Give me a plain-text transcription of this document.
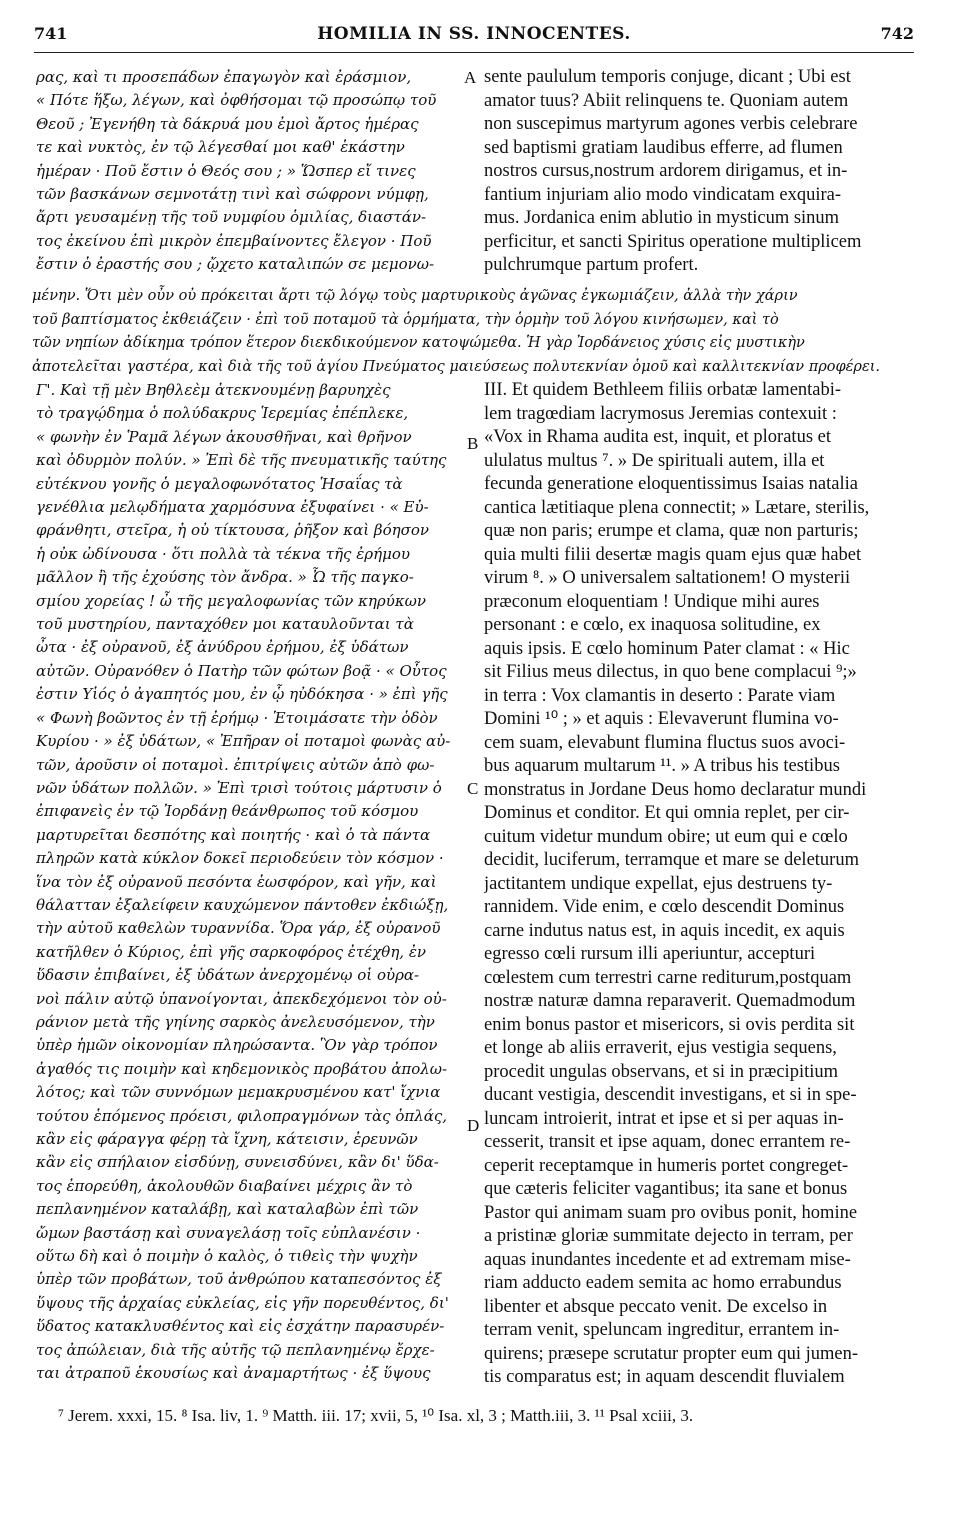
741	HOMILIA IN SS. INNOCENTES.	742
ρας, καὶ τι προσεπάδων ἐπαγωγὸν καὶ ἐράσμιον,
« Πότε ἥξω, λέγων, καὶ ὀφθήσομαι τῷ προσώπῳ τοῦ
Θεοῦ ; Ἐγενήθη τὰ δάκρυά μου ἐμοὶ ἄρτος ἡμέρας
τε καὶ νυκτὸς, ἐν τῷ λέγεσθαί μοι καθ' ἑκάστην
ἡμέραν · Ποῦ ἔστιν ὁ Θεός σου ; » Ὥσπερ εἴ τινες
τῶν βασκάνων σεμνοτάτῃ τινὶ καὶ σώφρονι νύμφῃ,
ἄρτι γευσαμένῃ τῆς τοῦ νυμφίου ὁμιλίας, διαστάν-
τος ἐκείνου ἐπὶ μικρὸν ἐπεμβαίνοντες ἔλεγον · Ποῦ
ἔστιν ὁ ἐραστής σου ; ᾤχετο καταλιπών σε μεμονω-
sente paululum temporis conjuge, dicant ; Ubi est
amator tuus? Abiit relinquens te. Quoniam autem
non suscepimus martyrum agones verbis celebrare
sed baptismi gratiam laudibus efferre, ad flumen
nostros cursus,nostrum ardorem dirigamus, et in-
fantium injuriam alio modo vindicatam exquira-
mus. Jordanica enim ablutio in mysticum sinum
perficitur, et sancti Spiritus operatione multiplicem
pulchrumque partum profert.
μένην. Ὅτι μὲν οὖν οὐ πρόκειται ἄρτι τῷ λόγῳ τοὺς μαρτυρικοὺς ἀγῶνας ἐγκωμιάζειν, ἀλλὰ τὴν χάριν
τοῦ βαπτίσματος ἐκθειάζειν · ἐπὶ τοῦ ποταμοῦ τὰ ὁρμήματα, τὴν ὁρμὴν τοῦ λόγου κινήσωμεν, καὶ τὸ
τῶν νηπίων ἀδίκημα τρόπον ἕτερον διεκδικούμενον κατοψώμεθα. Ἡ γὰρ Ἰορδάνειος χύσις εἰς μυστικὴν
ἀποτελεῖται γαστέρα, καὶ διὰ τῆς τοῦ ἁγίου Πνεύματος μαιεύσεως πολυτεκνίαν ὁμοῦ καὶ καλλιτεκνίαν προφέρει.
Γ'. Καὶ τῇ μὲν Βηθλεὲμ ἀτεκνουμένῃ βαρυηχὲς
τὸ τραγῴδημα ὁ πολύδακρυς Ἱερεμίας ἐπέπλεκε,
« φωνὴν ἐν Ῥαμᾶ λέγων ἀκουσθῆναι, καὶ θρῆνον
καὶ ὀδυρμὸν πολύν. » Ἐπὶ δὲ τῆς πνευματικῆς ταύτης
εὐτέκνου γονῆς ὁ μεγαλοφωνότατος Ἡσαΐας τὰ
γενέθλια μελῳδήματα χαρμόσυνα ἐξυφαίνει · « Εὐ-
φράνθητι, στεῖρα, ἡ οὐ τίκτουσα, ῥῆξον καὶ βόησον
ἡ οὐκ ὠδίνουσα · ὅτι πολλὰ τὰ τέκνα τῆς ἐρήμου
μᾶλλον ἢ τῆς ἐχούσης τὸν ἄνδρα. » Ὦ τῆς παγκο-
σμίου χορείας ! ὦ τῆς μεγαλοφωνίας τῶν κηρύκων
τοῦ μυστηρίου, πανταχόθεν μοι καταυλοῦνται τὰ
ὦτα · ἐξ οὐρανοῦ, ἐξ ἀνύδρου ἐρήμου, ἐξ ὑδάτων
αὐτῶν. Οὐρανόθεν ὁ Πατὴρ τῶν φώτων βοᾷ · « Οὗτος
ἐστιν Υἱός ὁ ἀγαπητός μου, ἐν ᾧ ηὐδόκησα · » ἐπὶ γῆς
« Φωνὴ βοῶντος ἐν τῇ ἐρήμῳ · Ἑτοιμάσατε τὴν ὁδὸν
Κυρίου · » ἐξ ὑδάτων, « Ἐπῆραν οἱ ποταμοὶ φωνὰς αὐ-
τῶν, ἀροῦσιν οἱ ποταμοὶ. ἐπιτρίψεις αὐτῶν ἀπὸ φω-
νῶν ὑδάτων πολλῶν. » Ἐπὶ τρισὶ τούτοις μάρτυσιν ὁ
ἐπιφανεὶς ἐν τῷ Ἰορδάνῃ θεάνθρωπος τοῦ κόσμου
μαρτυρεῖται δεσπότης καὶ ποιητής · καὶ ὁ τὰ πάντα
πληρῶν κατὰ κύκλον δοκεῖ περιοδεύειν τὸν κόσμον ·
ἵνα τὸν ἐξ οὐρανοῦ πεσόντα ἑωσφόρον, καὶ γῆν, καὶ
θάλατταν ἐξαλείφειν καυχώμενον πάντοθεν ἐκδιώξῃ,
τὴν αὐτοῦ καθελὼν τυραννίδα. Ὅρα γάρ, ἐξ οὐρανοῦ
κατῆλθεν ὁ Κύριος, ἐπὶ γῆς σαρκοφόρος ἐτέχθη, ἐν
ὕδασιν ἐπιβαίνει, ἐξ ὑδάτων ἀνερχομένῳ οἱ οὐρα-
νοὶ πάλιν αὐτῷ ὑπανοίγονται, ἀπεκδεχόμενοι τὸν οὐ-
ράνιον μετὰ τῆς γηίνης σαρκὸς ἀνελευσόμενον, τὴν
ὑπὲρ ἡμῶν οἰκονομίαν πληρώσαντα. Ὃν γὰρ τρόπον
ἀγαθός τις ποιμὴν καὶ κηδεμονικὸς προβάτου ἀπολω-
λότος; καὶ τῶν συννόμων μεμακρυσμένου κατ' ἴχνια
τούτου ἑπόμενος πρόεισι, φιλοπραγμόνων τὰς ὁπλάς,
κἂν εἰς φάραγγα φέρῃ τὰ ἴχνη, κάτεισιν, ἐρευνῶν
κἂν εἰς σπήλαιον εἰσδύνῃ, συνεισδύνει, κἂν δι' ὕδα-
τος ἐπορεύθη, ἀκολουθῶν διαβαίνει μέχρις ἂν τὸ
πεπλανημένον καταλάβῃ, καὶ καταλαβὼν ἐπὶ τῶν
ὤμων βαστάσῃ καὶ συναγελάσῃ τοῖς εὐπλανέσιν ·
οὕτω δὴ καὶ ὁ ποιμὴν ὁ καλὸς, ὁ τιθεὶς τὴν ψυχὴν
ὑπὲρ τῶν προβάτων, τοῦ ἀνθρώπου καταπεσόντος ἐξ
ὕψους τῆς ἀρχαίας εὐκλείας, εἰς γῆν πορευθέντος, δι'
ὕδατος κατακλυσθέντος καὶ εἰς ἐσχάτην παρασυρέν-
τος ἀπώλειαν, διὰ τῆς αὐτῆς τῷ πεπλανημένῳ ἔρχε-
ται ἀτραποῦ ἑκουσίως καὶ ἀναμαρτήτως · ἐξ ὕψους
III. Et quidem Bethleem filiis orbatæ lamentabi-
lem tragœdiam lacrymosus Jeremias contexuit :
«Vox in Rhama audita est, inquit, et ploratus et
ululatus multus ⁷. » De spirituali autem, illa et
fecunda generatione eloquentissimus Isaias natalia
cantica lætitiaque plena connectit; » Lætare, sterilis,
quæ non paris; erumpe et clama, quæ non parturis;
quia multi filii desertæ magis quam ejus quæ habet
virum ⁸. » O universalem saltationem! O mysterii
præconum eloquentiam ! Undique mihi aures
personant : e cœlo, ex inaquosa solitudine, ex
aquis ipsis. E cœlo hominum Pater clamat : « Hic
sit Filius meus dilectus, in quo bene complacui ⁹;»
in terra : Vox clamantis in deserto : Parate viam
Domini ¹⁰ ; » et aquis : Elevaverunt flumina vo-
cem suam, elevabunt flumina fluctus suos avoci-
bus aquarum multarum ¹¹. » A tribus his testibus
monstratus in Jordane Deus homo declaratur mundi
Dominus et conditor. Et qui omnia replet, per cir-
cuitum videtur mundum obire; ut eum qui e cœlo
decidit, luciferum, terramque et mare se deleturum
jactitantem undique expellat, ejus destruens ty-
rannidem. Vide enim, e cœlo descendit Dominus
carne indutus natus est, in aquis incedit, ex aquis
egresso cœli rursum illi aperiuntur, accepturi
cœlestem cum terrestri carne rediturum,postquam
nostræ naturæ damna reparaverit. Quemadmodum
enim bonus pastor et misericors, si ovis perdita sit
et longe ab aliis erraverit, ejus vestigia sequens,
procedit ungulas observans, et si in præcipitium
ducant vestigia, descendit investigans, et si in spe-
luncam introierit, intrat et ipse et si per aquas in-
cesserit, transit et ipse aquam, donec errantem re-
ceperit receptamque in humeris portet congreget-
que cæteris feliciter vagantibus; ita sane et bonus
Pastor qui animam suam pro ovibus ponit, homine
a pristinæ gloriæ summitate dejecto in terram, per
aquas inundantes incedente et ad extremam mise-
riam adducto eadem semita ac homo errabundus
libenter et absque peccato venit. De excelso in
terram venit, speluncam ingreditur, errantem in-
quirens; præsepe scrutatur propter eum qui jumen-
tis comparatus est; in aquam descendit fluvialem
A
B
C
D
⁷ Jerem. xxxi, 15. ⁸ Isa. liv, 1. ⁹ Matth. iii. 17; xvii, 5, ¹⁰ Isa. xl, 3 ; Matth.iii, 3. ¹¹ Psal xciii, 3.
